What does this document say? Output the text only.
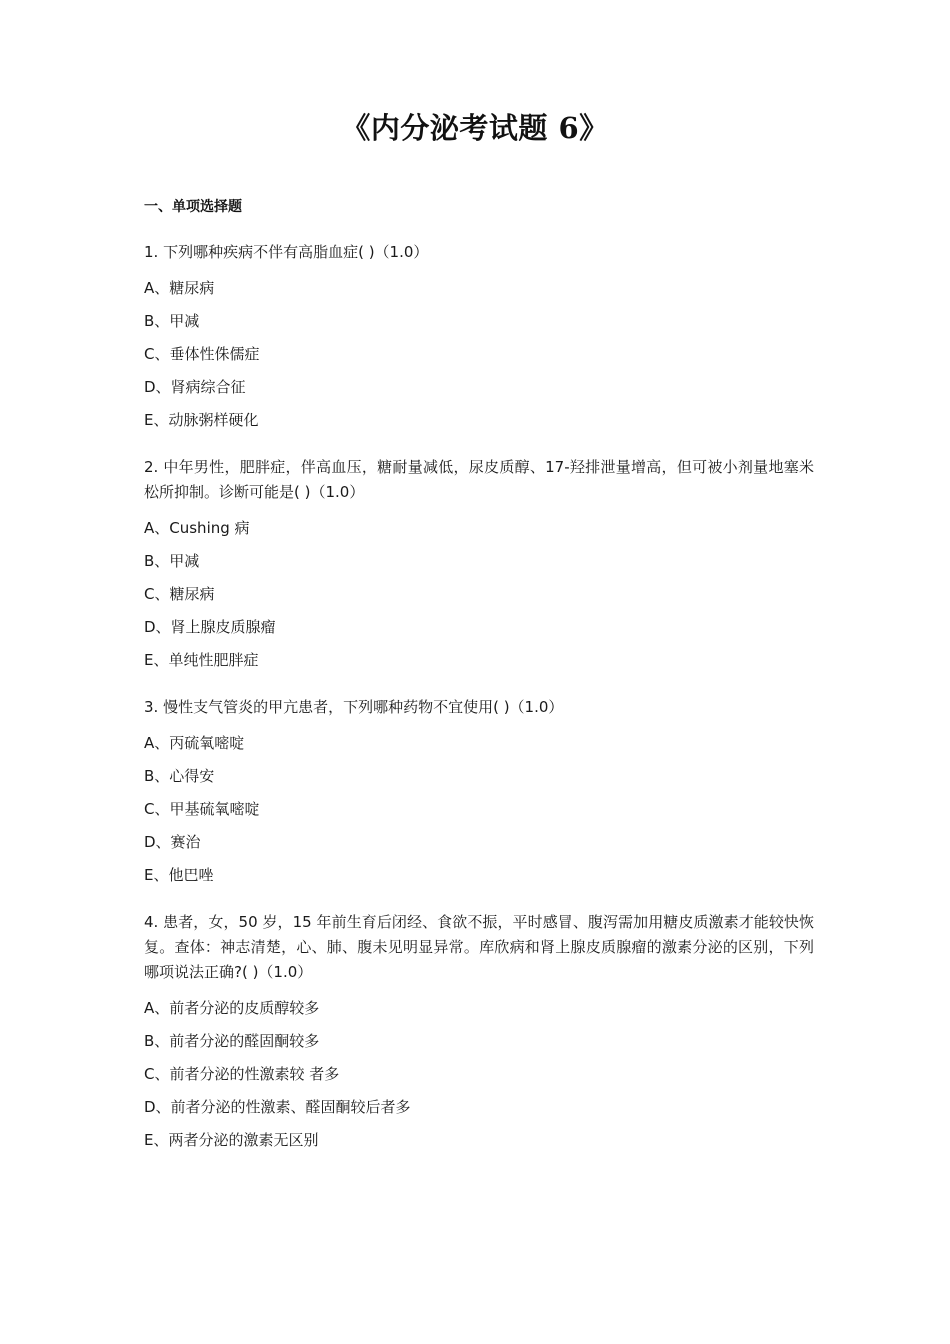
《内分泌考试题 6》
一、单项选择题

1. 下列哪种疾病不伴有高脂血症( )（1.0）

A、糖尿病

B、甲减

C、垂体性侏儒症

D、肾病综合征

E、动脉粥样硬化

2. 中年男性，肥胖症，伴高血压，糖耐量减低，尿皮质醇、17-羟排泄量增高，但可被小剂量地塞米松所抑制。诊断可能是( )（1.0）

A、Cushing 病

B、甲减

C、糖尿病

D、肾上腺皮质腺瘤

E、单纯性肥胖症

3. 慢性支气管炎的甲亢患者，下列哪种药物不宜使用( )（1.0）

A、丙硫氧嘧啶

B、心得安

C、甲基硫氧嘧啶

D、赛治

E、他巴唑

4. 患者，女，50 岁，15 年前生育后闭经、食欲不振，平时感冒、腹泻需加用糖皮质激素才能较快恢复。查体：神志清楚，心、肺、腹未见明显异常。库欣病和肾上腺皮质腺瘤的激素分泌的区别，下列哪项说法正确?( )（1.0）

A、前者分泌的皮质醇较多

B、前者分泌的醛固酮较多

C、前者分泌的性激素较 者多

D、前者分泌的性激素、醛固酮较后者多

E、两者分泌的激素无区别
